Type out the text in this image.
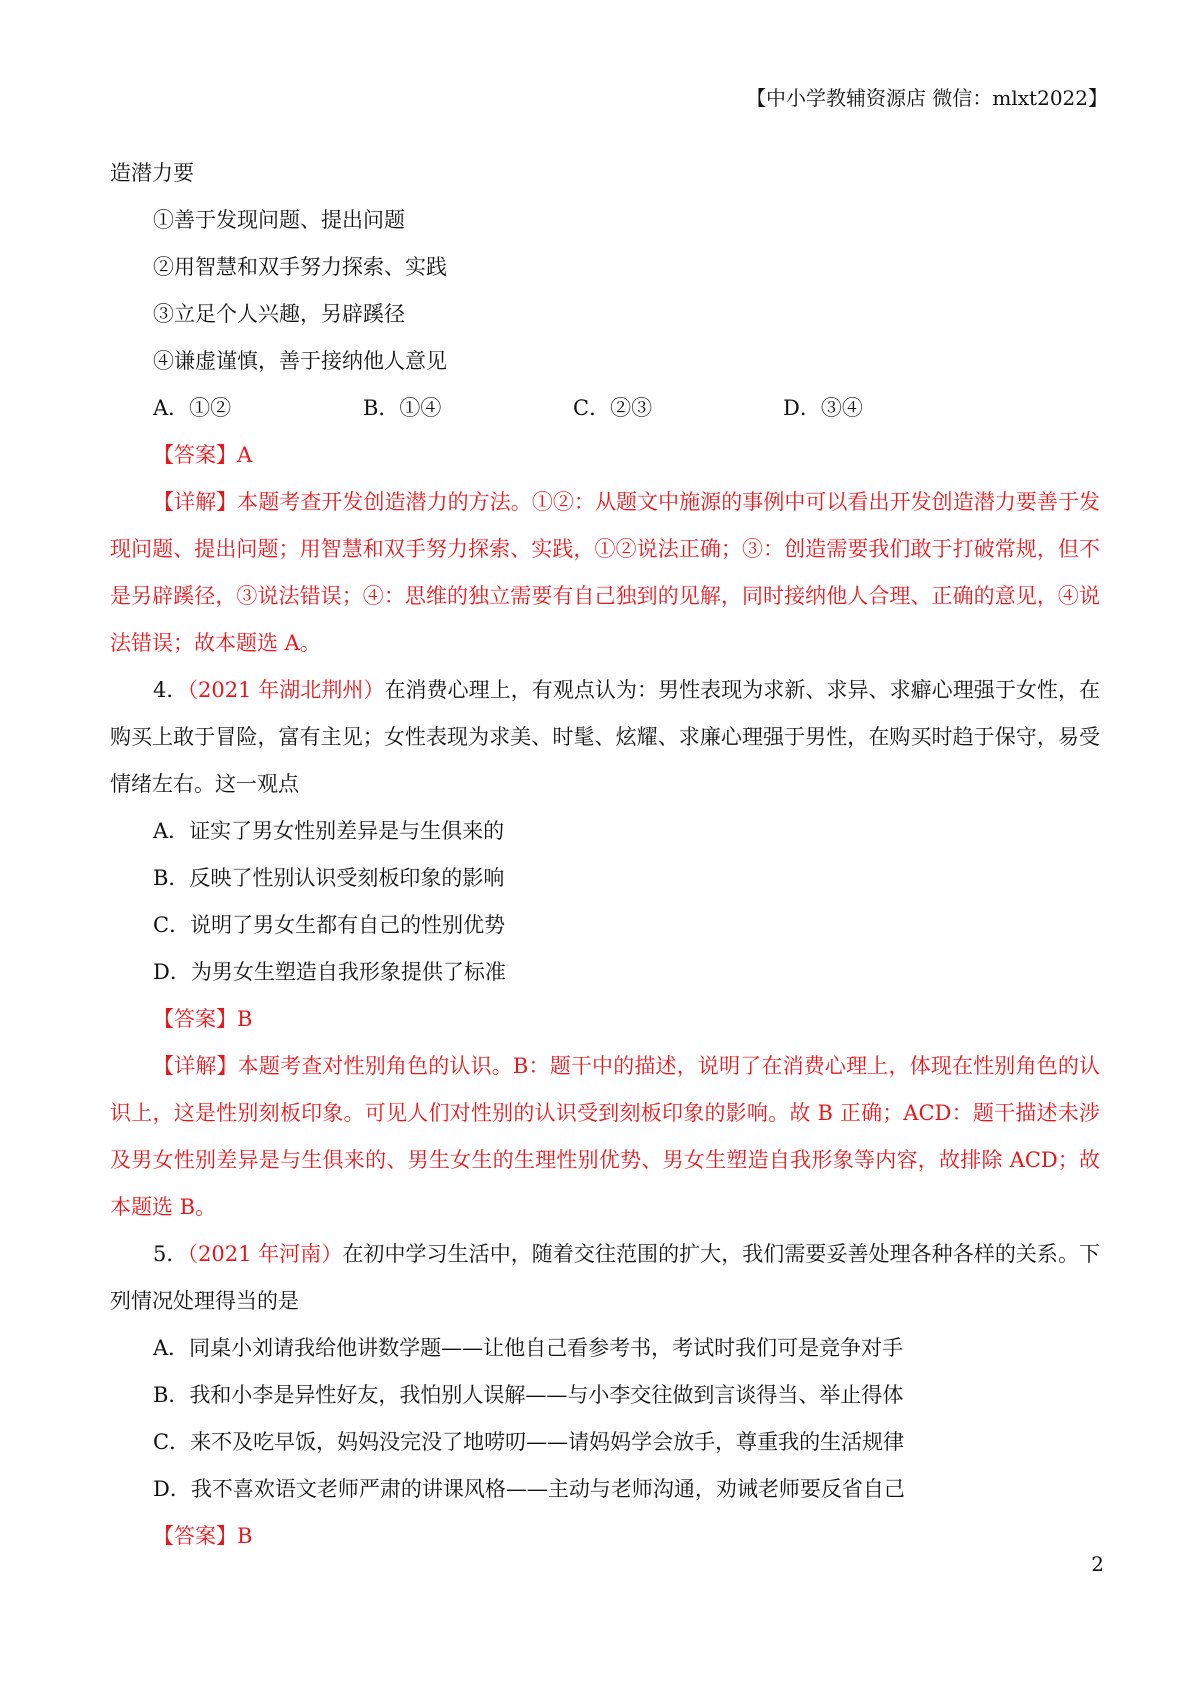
【中小学教辅资源店 微信：mlxt2022】
造潜力要
①善于发现问题、提出问题
②用智慧和双手努力探索、实践
③立足个人兴趣，另辟蹊径
④谦虚谨慎，善于接纳他人意见
A．①②	B．①④	C．②③	D．③④
【答案】A
【详解】本题考查开发创造潜力的方法。①②：从题文中施源的事例中可以看出开发创造潜力要善于发现问题、提出问题；用智慧和双手努力探索、实践，①②说法正确；③：创造需要我们敢于打破常规，但不是另辟蹊径，③说法错误；④：思维的独立需要有自己独到的见解，同时接纳他人合理、正确的意见，④说法错误；故本题选 A。
4．（2021 年湖北荆州）在消费心理上，有观点认为：男性表现为求新、求异、求癖心理强于女性，在购买上敢于冒险，富有主见；女性表现为求美、时髦、炫耀、求廉心理强于男性，在购买时趋于保守，易受情绪左右。这一观点
A．证实了男女性别差异是与生俱来的
B．反映了性别认识受刻板印象的影响
C．说明了男女生都有自己的性别优势
D．为男女生塑造自我形象提供了标准
【答案】B
【详解】本题考查对性别角色的认识。B：题干中的描述，说明了在消费心理上，体现在性别角色的认识上，这是性别刻板印象。可见人们对性别的认识受到刻板印象的影响。故 B 正确；ACD：题干描述未涉及男女性别差异是与生俱来的、男生女生的生理性别优势、男女生塑造自我形象等内容，故排除 ACD；故本题选 B。
5．（2021 年河南）在初中学习生活中，随着交往范围的扩大，我们需要妥善处理各种各样的关系。下列情况处理得当的是
A．同桌小刘请我给他讲数学题——让他自己看参考书，考试时我们可是竞争对手
B．我和小李是异性好友，我怕别人误解——与小李交往做到言谈得当、举止得体
C．来不及吃早饭，妈妈没完没了地唠叨——请妈妈学会放手，尊重我的生活规律
D．我不喜欢语文老师严肃的讲课风格——主动与老师沟通，劝诫老师要反省自己
【答案】B
2
